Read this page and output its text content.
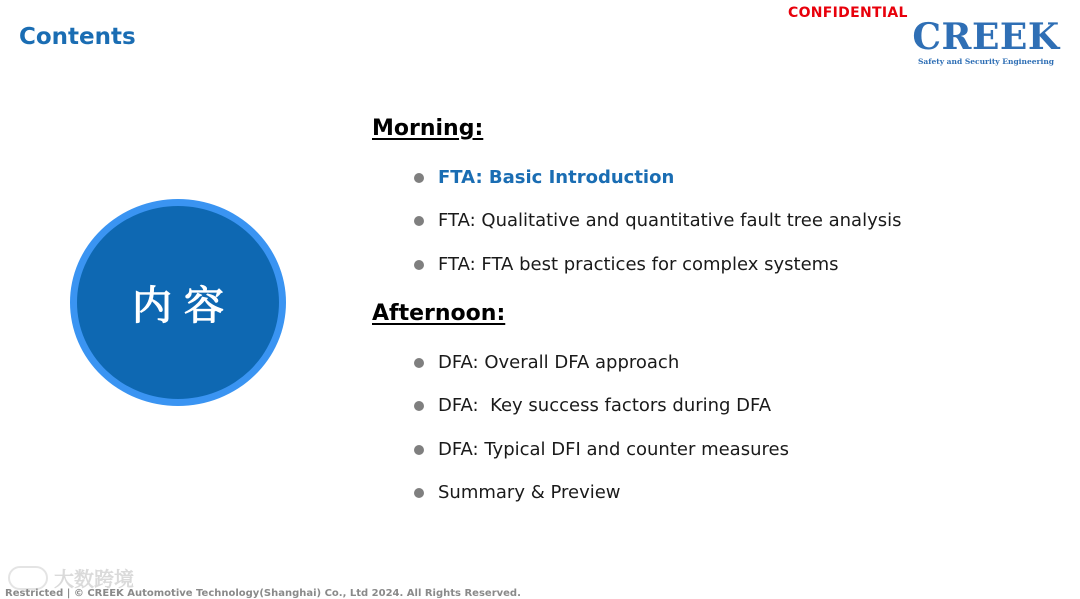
Contents
CONFIDENTIAL
CREEK
Safety and Security Engineering
内容
Morning:
FTA: Basic Introduction
FTA: Qualitative and quantitative fault tree analysis
FTA: FTA best practices for complex systems
Afternoon:
DFA: Overall DFA approach
DFA:  Key success factors during DFA
DFA: Typical DFI and counter measures
Summary & Preview
大数跨境
Restricted | © CREEK Automotive Technology(Shanghai) Co., Ltd 2024. All Rights Reserved.
